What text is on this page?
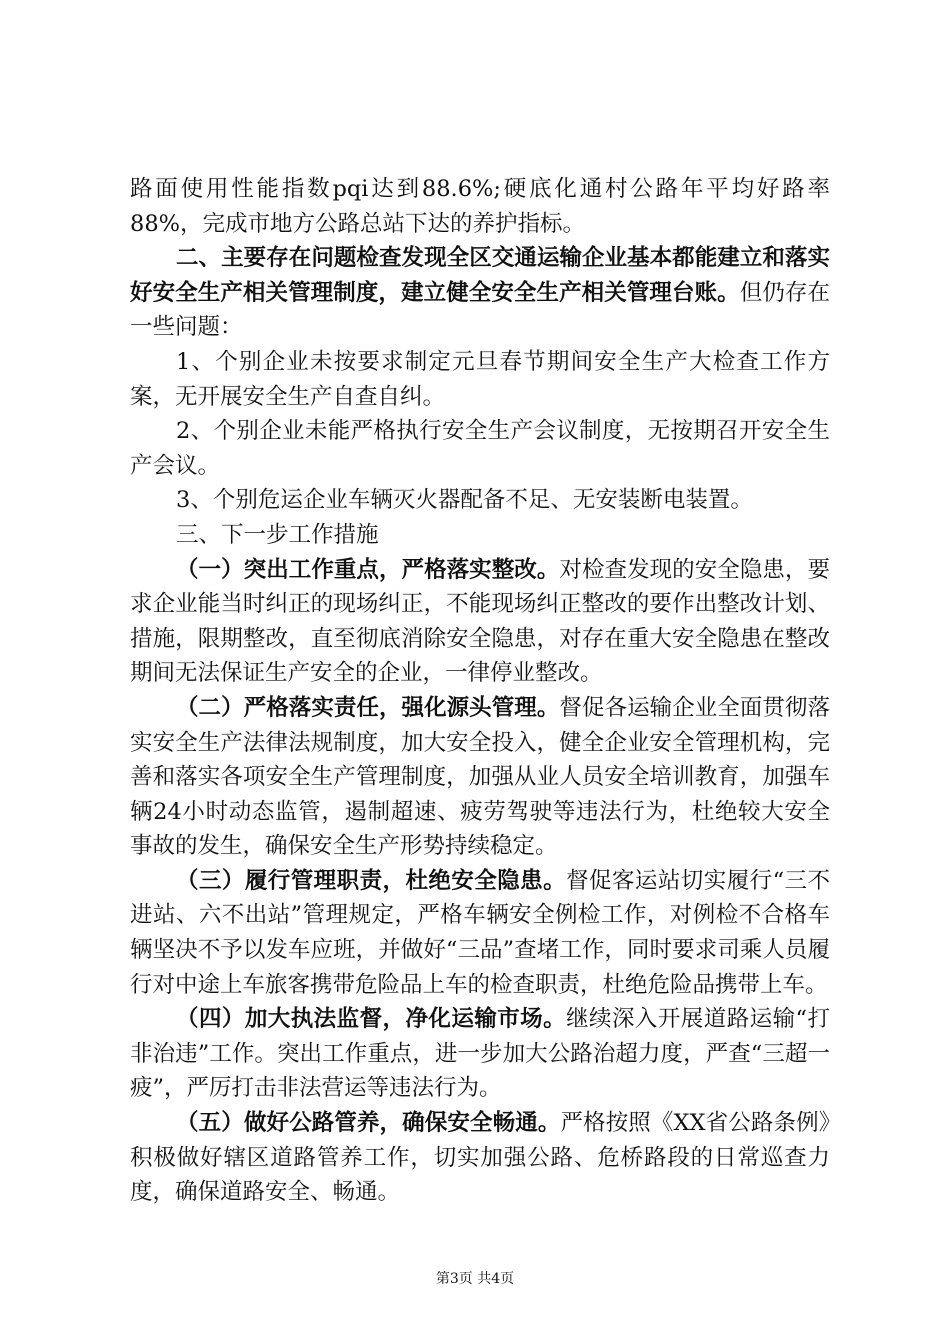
路面使用性能指数pqi达到88.6%;硬底化通村公路年平均好路率88%，完成市地方公路总站下达的养护指标。

二、主要存在问题检查发现全区交通运输企业基本都能建立和落实好安全生产相关管理制度，建立健全安全生产相关管理台账。但仍存在一些问题：

1、个别企业未按要求制定元旦春节期间安全生产大检查工作方案，无开展安全生产自查自纠。

2、个别企业未能严格执行安全生产会议制度，无按期召开安全生产会议。

3、个别危运企业车辆灭火器配备不足、无安装断电装置。

三、下一步工作措施

（一）突出工作重点，严格落实整改。对检查发现的安全隐患，要求企业能当时纠正的现场纠正，不能现场纠正整改的要作出整改计划、措施，限期整改，直至彻底消除安全隐患，对存在重大安全隐患在整改期间无法保证生产安全的企业，一律停业整改。

（二）严格落实责任，强化源头管理。督促各运输企业全面贯彻落实安全生产法律法规制度，加大安全投入，健全企业安全管理机构，完善和落实各项安全生产管理制度，加强从业人员安全培训教育，加强车辆24小时动态监管，遏制超速、疲劳驾驶等违法行为，杜绝较大安全事故的发生，确保安全生产形势持续稳定。

（三）履行管理职责，杜绝安全隐患。督促客运站切实履行“三不进站、六不出站”管理规定，严格车辆安全例检工作，对例检不合格车辆坚决不予以发车应班，并做好“三品”查堵工作，同时要求司乘人员履行对中途上车旅客携带危险品上车的检查职责，杜绝危险品携带上车。

（四）加大执法监督，净化运输市场。继续深入开展道路运输“打非治违”工作。突出工作重点，进一步加大公路治超力度，严查“三超一疲”，严厉打击非法营运等违法行为。

（五）做好公路管养，确保安全畅通。严格按照《XX省公路条例》积极做好辖区道路管养工作，切实加强公路、危桥路段的日常巡查力度，确保道路安全、畅通。

第3页 共4页
